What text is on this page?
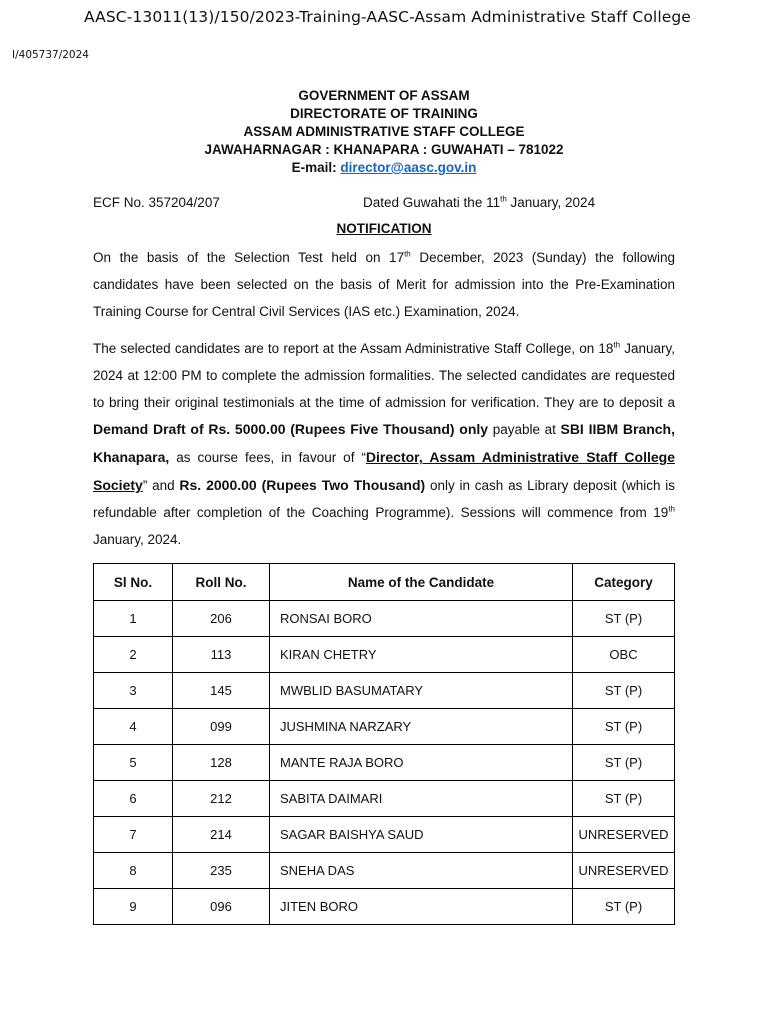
AASC-13011(13)/150/2023-Training-AASC-Assam Administrative Staff College
I/405737/2024
GOVERNMENT OF ASSAM
DIRECTORATE OF TRAINING
ASSAM ADMINISTRATIVE STAFF COLLEGE
JAWAHARNAGAR : KHANAPARA : GUWAHATI – 781022
E-mail: director@aasc.gov.in
ECF No. 357204/207	Dated Guwahati the 11th January, 2024
NOTIFICATION
On the basis of the Selection Test held on 17th December, 2023 (Sunday) the following candidates have been selected on the basis of Merit for admission into the Pre-Examination Training Course for Central Civil Services (IAS etc.) Examination, 2024.
The selected candidates are to report at the Assam Administrative Staff College, on 18th January, 2024 at 12:00 PM to complete the admission formalities. The selected candidates are requested to bring their original testimonials at the time of admission for verification. They are to deposit a Demand Draft of Rs. 5000.00 (Rupees Five Thousand) only payable at SBI IIBM Branch, Khanapara, as course fees, in favour of “Director, Assam Administrative Staff College Society” and Rs. 2000.00 (Rupees Two Thousand) only in cash as Library deposit (which is refundable after completion of the Coaching Programme). Sessions will commence from 19th January, 2024.
Sl No.	Roll No.	Name of the Candidate	Category
1	206	RONSAI BORO	ST (P)
2	113	KIRAN CHETRY	OBC
3	145	MWBLID BASUMATARY	ST (P)
4	099	JUSHMINA NARZARY	ST (P)
5	128	MANTE RAJA BORO	ST (P)
6	212	SABITA DAIMARI	ST (P)
7	214	SAGAR BAISHYA SAUD	UNRESERVED
8	235	SNEHA DAS	UNRESERVED
9	096	JITEN BORO	ST (P)
